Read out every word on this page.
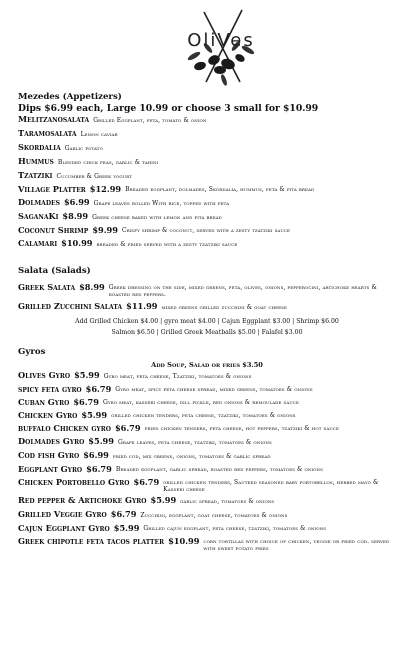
OliVes
Mezedes (Appetizers)
Dips $6.99 each, Large 10.99 or choose 3 small for $10.99
Melitzanosalata Grilled Eggplant, feta, tomato & onion
Taramosalata Lemon caviar
Skordalia Garlic potato
Hummus Blended chick peas, garlic & tahini
Tzatziki Cucumber & Greek yogurt
Village Platter $12.99 Breaded eggplant, dolmades, Skordalia, hummus, feta & pita bread
Dolmades $6.99 Grape leaves rolled With rice, topped with feta
SaganaKi $8.99 Greek cheese baked with lemon and pita bread
Coconut Shrimp $9.99 Crispy shrimp & coconut, served with a zesty tzatziki sauce
Calamari $10.99 breaded & fried served with a zesty tzatziki sauce
Salata (Salads)
Greek Salata $8.99 Greek dressing on the side, mixed greens, feta, olives, onions, pepperocini, artichoke hearts & roasted red peppers.
Grilled Zucchini Salata $11.99 mixed greens grilled zucchini & goat cheese
Add Grilled Chicken $4.00 | gyro meat $4.00 | Cajun Eggplant $3.00 | Shrimp $6.00
Salmon $6.50 | Grilled Greek Meatballs $5.00 | Falafel $3.00
Gyros
Add Soup, Salad or fries $3.50
Olives Gyro $5.99 Gyro meat, feta cheese, Tzatziki, tomatoes & onions
spicy feta gyro $6.79 Gyro meat, spicy feta cheese spread, mixed greens, tomatoes & onions
Cuban Gyro $6.79 Gyro meat, kasseri cheese, dill pickle, red onions & remoulade sauce
Chicken Gyro $5.99 grilled chicken tenders, feta cheese, tzatziki, tomatoes & onions
buffalo Chicken gyro $6.79 fried chicken tenders, feta cheese, hot peppers, tzatziki & hot sauce
Dolmades Gyro $5.99 Grape leaves, feta cheese, tzatziki, tomatoes & onions
Cod fish Gyro $6.99 fried cod, mix greens, onions, tomatoes & garlic spread
Eggplant Gyro $6.79 Breaded eggplant, garlic spread, roasted red peppers, tomatoes & onions
Chicken Portobello Gyro $6.79 grilled chicken tenders, Sauteed seasoned baby portobellos, herbed mayo & Kasseri cheese
Red pepper & Artichoke Gyro $5.99 garlic spread, tomatoes & onions
Grilled Veggie Gyro $6.79 Zucchini, eggplant, goat cheese, tomatoes & onions
Cajun Eggplant Gyro $5.99 Grilled cajun eggplant, feta cheese, tzatziki, tomatoes & onions
Greek chipotle feta tacos platter $10.99 corn tortillas with choice of chicken, veggie or fried cod. served with sweet potato fries
